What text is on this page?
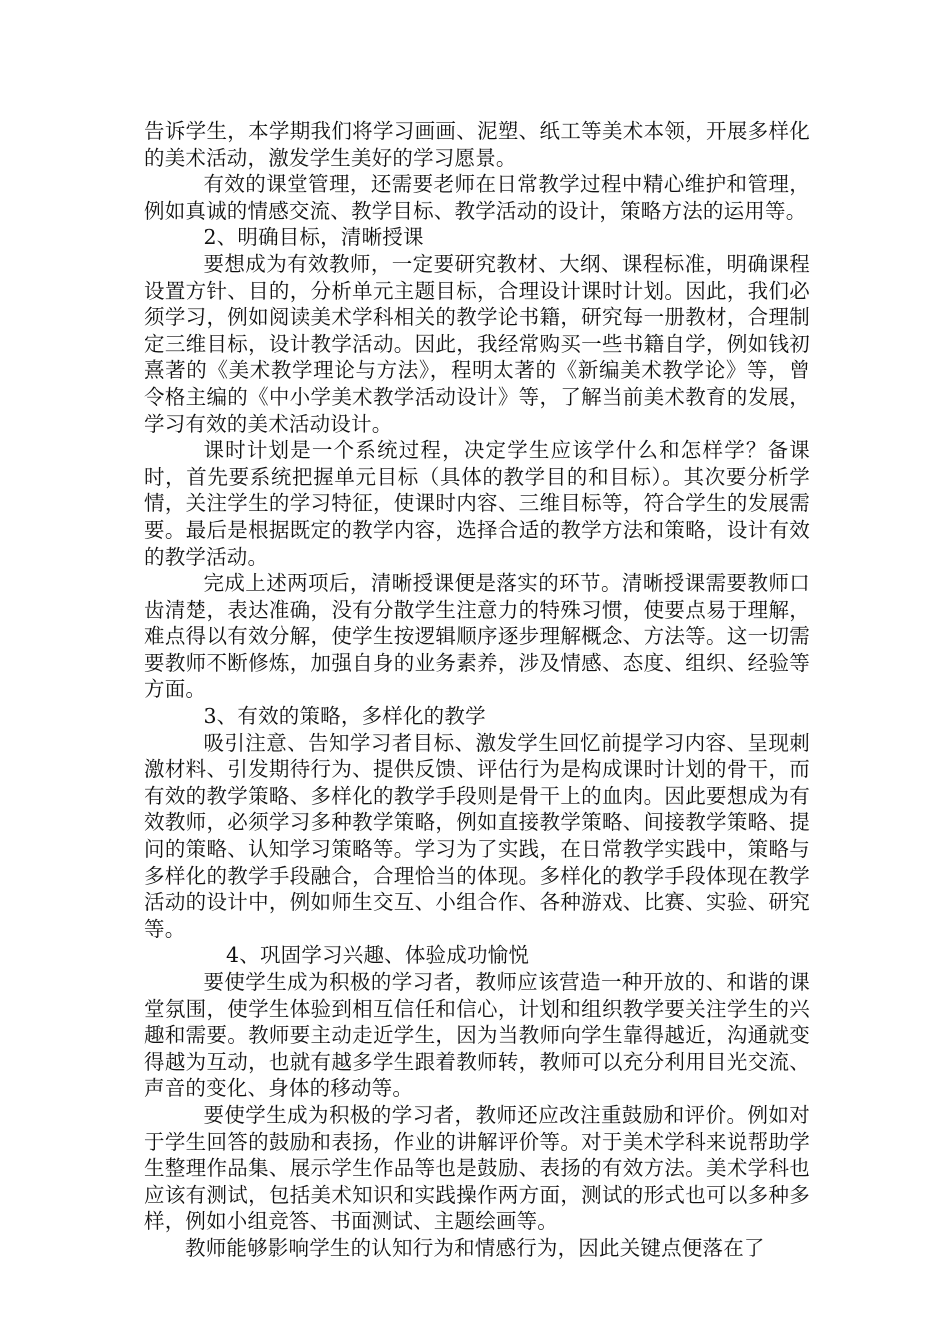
告诉学生，本学期我们将学习画画、泥塑、纸工等美术本领，开展多样化的美术活动，激发学生美好的学习愿景。

有效的课堂管理，还需要老师在日常教学过程中精心维护和管理，例如真诚的情感交流、教学目标、教学活动的设计，策略方法的运用等。

2、明确目标，清晰授课

要想成为有效教师，一定要研究教材、大纲、课程标准，明确课程设置方针、目的，分析单元主题目标，合理设计课时计划。因此，我们必须学习，例如阅读美术学科相关的教学论书籍，研究每一册教材，合理制定三维目标，设计教学活动。因此，我经常购买一些书籍自学，例如钱初熹著的《美术教学理论与方法》，程明太著的《新编美术教学论》等，曾令格主编的《中小学美术教学活动设计》等，了解当前美术教育的发展，学习有效的美术活动设计。

课时计划是一个系统过程，决定学生应该学什么和怎样学？备课时，首先要系统把握单元目标（具体的教学目的和目标）。其次要分析学情，关注学生的学习特征，使课时内容、三维目标等，符合学生的发展需要。最后是根据既定的教学内容，选择合适的教学方法和策略，设计有效的教学活动。

完成上述两项后，清晰授课便是落实的环节。清晰授课需要教师口齿清楚，表达准确，没有分散学生注意力的特殊习惯，使要点易于理解，难点得以有效分解，使学生按逻辑顺序逐步理解概念、方法等。这一切需要教师不断修炼，加强自身的业务素养，涉及情感、态度、组织、经验等方面。

3、有效的策略，多样化的教学

吸引注意、告知学习者目标、激发学生回忆前提学习内容、呈现刺激材料、引发期待行为、提供反馈、评估行为是构成课时计划的骨干，而有效的教学策略、多样化的教学手段则是骨干上的血肉。因此要想成为有效教师，必须学习多种教学策略，例如直接教学策略、间接教学策略、提问的策略、认知学习策略等。学习为了实践，在日常教学实践中，策略与多样化的教学手段融合，合理恰当的体现。多样化的教学手段体现在教学活动的设计中，例如师生交互、小组合作、各种游戏、比赛、实验、研究等。

4、巩固学习兴趣、体验成功愉悦

要使学生成为积极的学习者，教师应该营造一种开放的、和谐的课堂氛围，使学生体验到相互信任和信心，计划和组织教学要关注学生的兴趣和需要。教师要主动走近学生，因为当教师向学生靠得越近，沟通就变得越为互动，也就有越多学生跟着教师转，教师可以充分利用目光交流、声音的变化、身体的移动等。

要使学生成为积极的学习者，教师还应改注重鼓励和评价。例如对于学生回答的鼓励和表扬，作业的讲解评价等。对于美术学科来说帮助学生整理作品集、展示学生作品等也是鼓励、表扬的有效方法。美术学科也应该有测试，包括美术知识和实践操作两方面，测试的形式也可以多种多样，例如小组竞答、书面测试、主题绘画等。

教师能够影响学生的认知行为和情感行为，因此关键点便落在了
